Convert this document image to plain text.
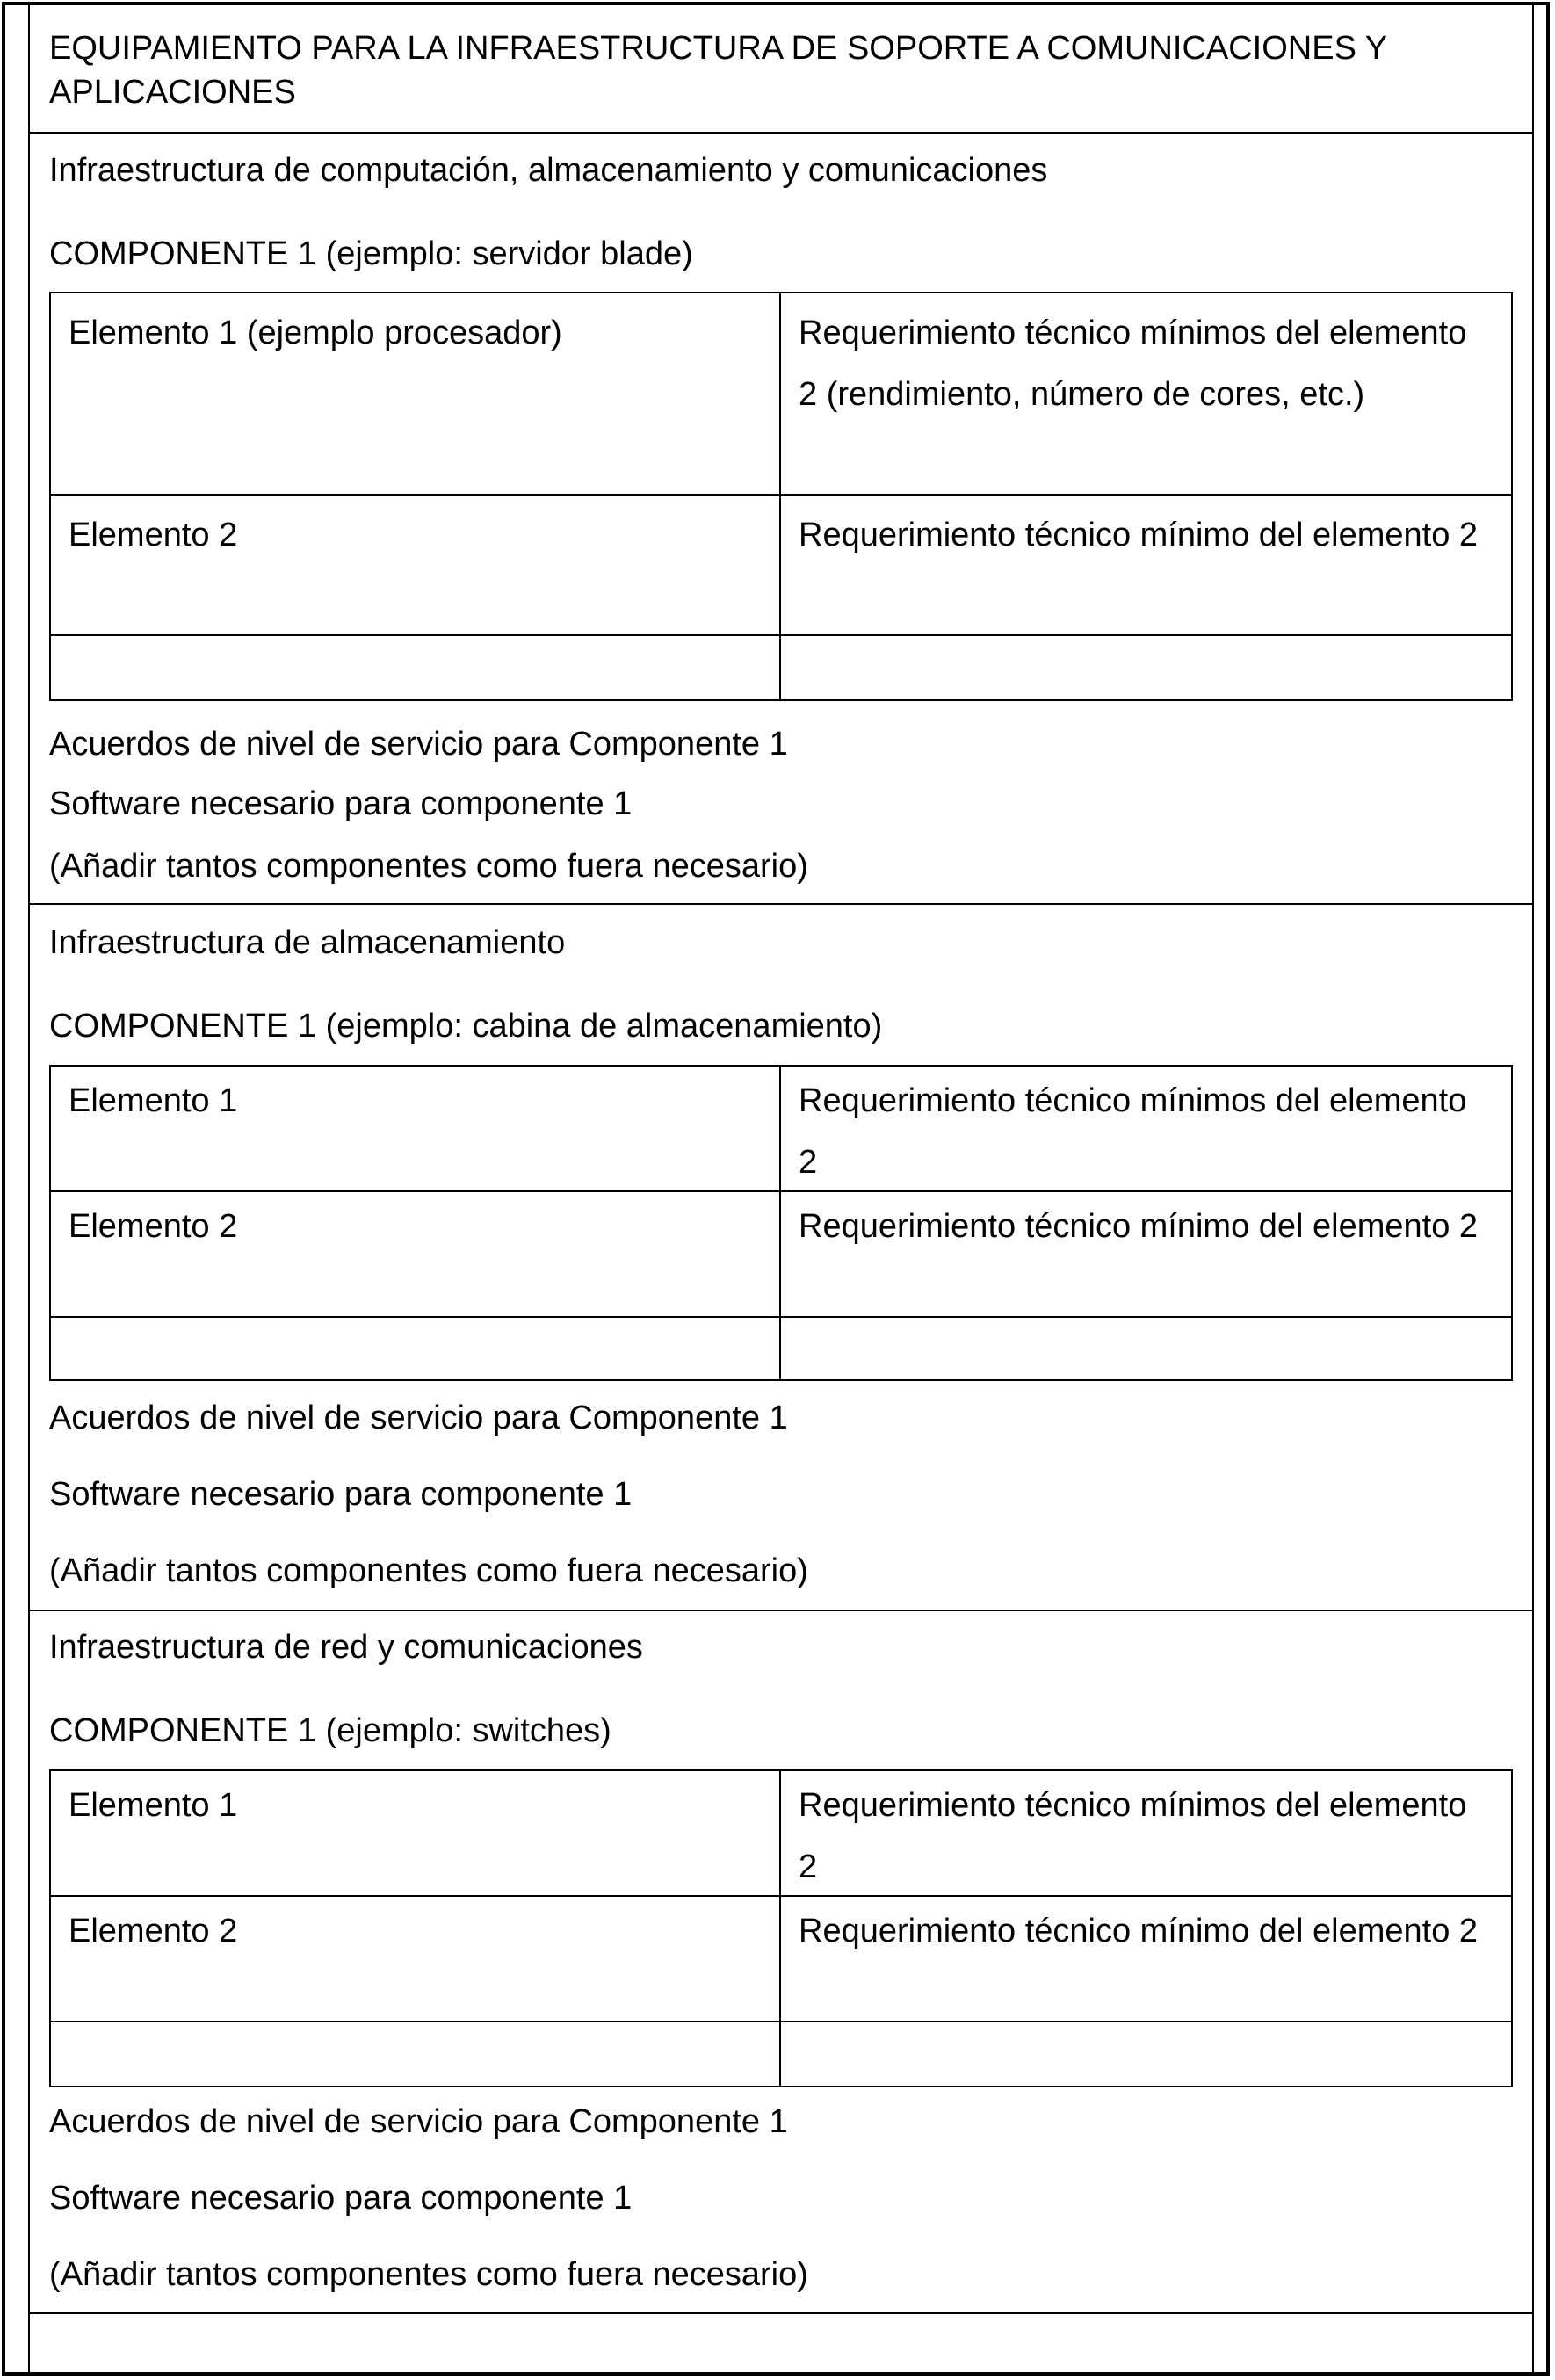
EQUIPAMIENTO PARA LA INFRAESTRUCTURA DE SOPORTE A COMUNICACIONES Y APLICACIONES
Infraestructura de computación, almacenamiento y comunicaciones
COMPONENTE 1 (ejemplo: servidor blade)
Elemento 1 (ejemplo procesador)	Requerimiento técnico mínimos del elemento 2 (rendimiento, número de cores, etc.)
Elemento 2	Requerimiento técnico mínimo del elemento 2
Acuerdos de nivel de servicio para Componente 1
Software necesario para componente 1
(Añadir tantos componentes como fuera necesario)
Infraestructura de almacenamiento
COMPONENTE 1 (ejemplo: cabina de almacenamiento)
Elemento 1	Requerimiento técnico mínimos del elemento 2
Elemento 2	Requerimiento técnico mínimo del elemento 2
Acuerdos de nivel de servicio para Componente 1
Software necesario para componente 1
(Añadir tantos componentes como fuera necesario)
Infraestructura de red y comunicaciones
COMPONENTE 1 (ejemplo: switches)
Elemento 1	Requerimiento técnico mínimos del elemento 2
Elemento 2	Requerimiento técnico mínimo del elemento 2
Acuerdos de nivel de servicio para Componente 1
Software necesario para componente 1
(Añadir tantos componentes como fuera necesario)
